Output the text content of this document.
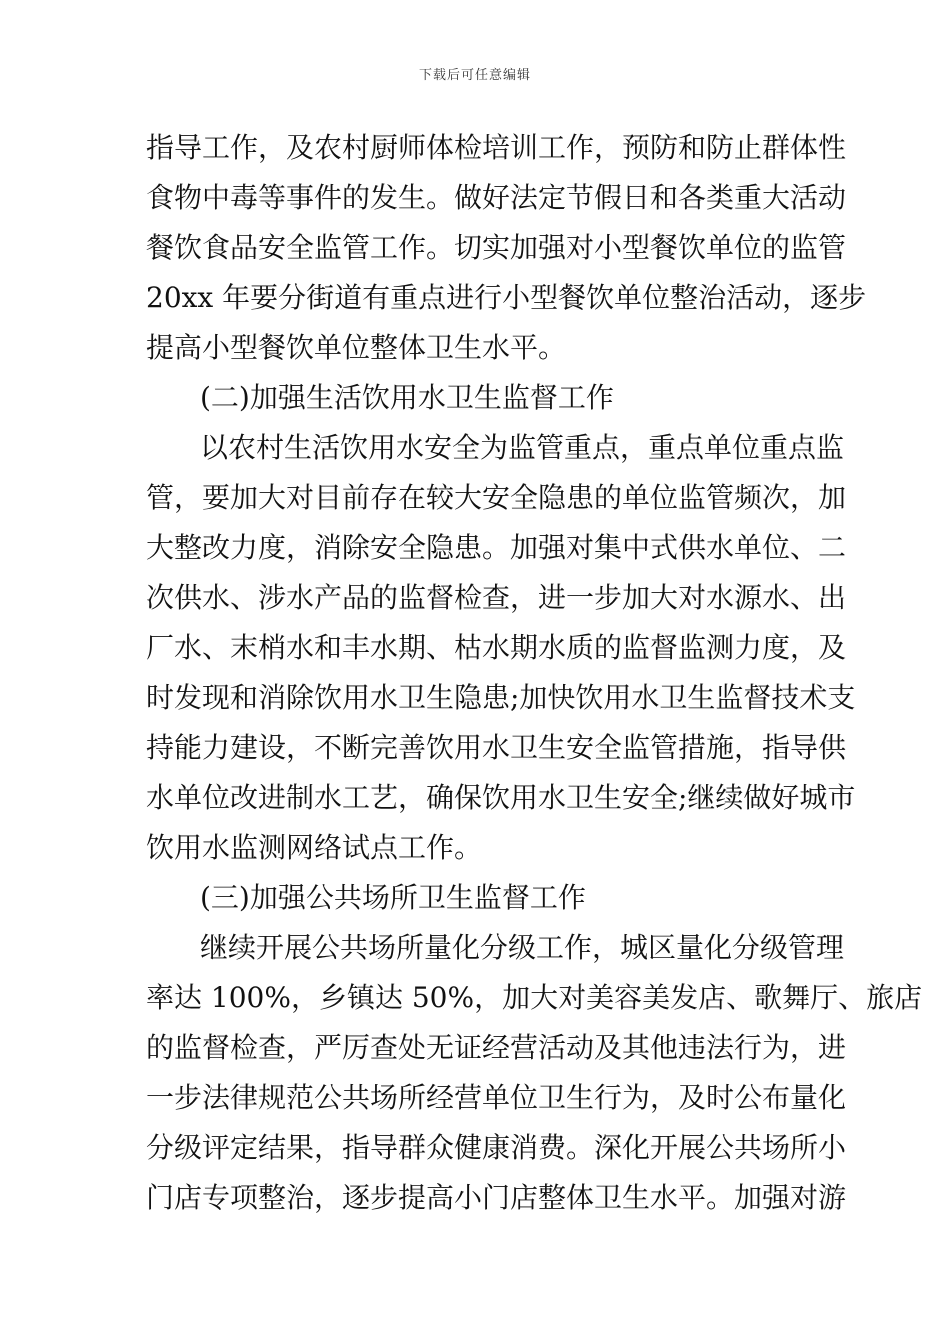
下载后可任意编辑
指导工作，及农村厨师体检培训工作，预防和防止群体性
食物中毒等事件的发生。做好法定节假日和各类重大活动
餐饮食品安全监管工作。切实加强对小型餐饮单位的监管
20xx 年要分街道有重点进行小型餐饮单位整治活动，逐步
提高小型餐饮单位整体卫生水平。
(二)加强生活饮用水卫生监督工作
以农村生活饮用水安全为监管重点，重点单位重点监
管，要加大对目前存在较大安全隐患的单位监管频次，加
大整改力度，消除安全隐患。加强对集中式供水单位、二
次供水、涉水产品的监督检查，进一步加大对水源水、出
厂水、末梢水和丰水期、枯水期水质的监督监测力度，及
时发现和消除饮用水卫生隐患;加快饮用水卫生监督技术支
持能力建设，不断完善饮用水卫生安全监管措施，指导供
水单位改进制水工艺，确保饮用水卫生安全;继续做好城市
饮用水监测网络试点工作。
(三)加强公共场所卫生监督工作
继续开展公共场所量化分级工作，城区量化分级管理
率达 100%，乡镇达 50%，加大对美容美发店、歌舞厅、旅店
的监督检查，严厉查处无证经营活动及其他违法行为，进
一步法律规范公共场所经营单位卫生行为，及时公布量化
分级评定结果，指导群众健康消费。深化开展公共场所小
门店专项整治，逐步提高小门店整体卫生水平。加强对游
